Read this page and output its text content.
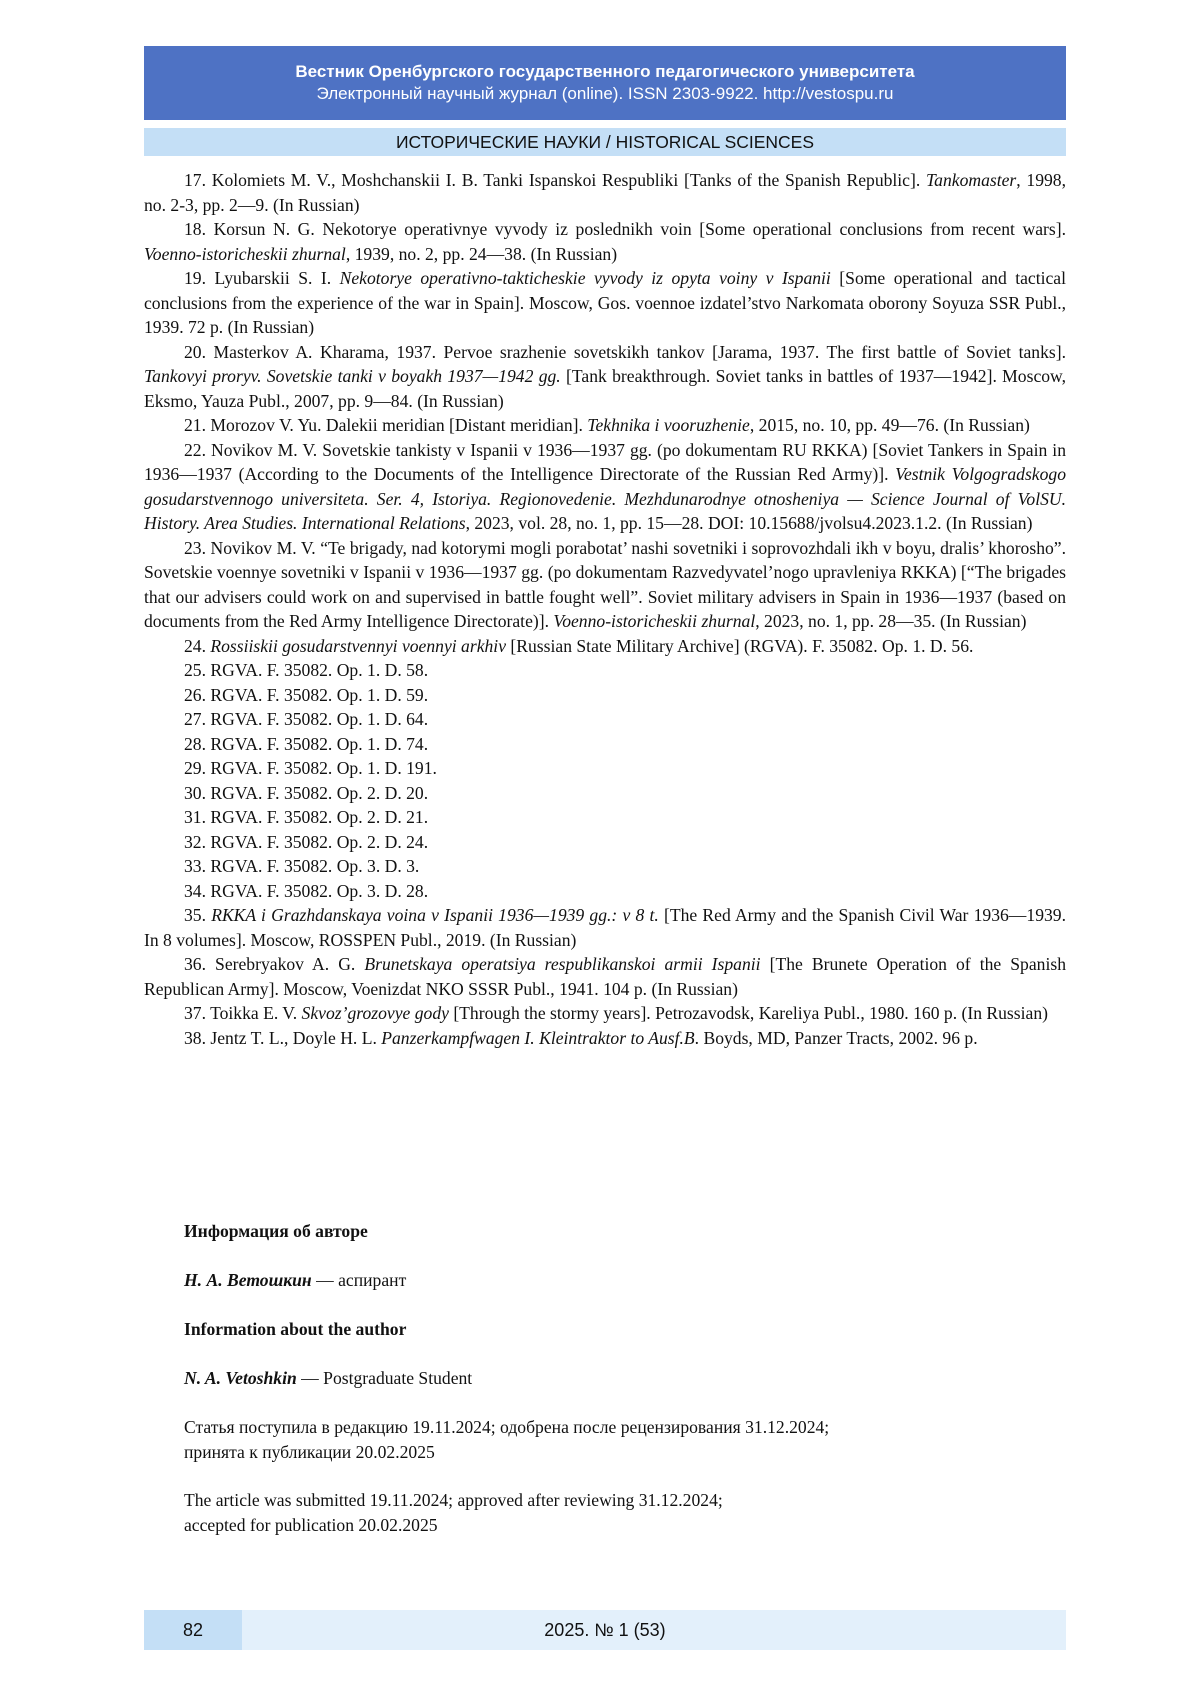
Вестник Оренбургского государственного педагогического университета
Электронный научный журнал (online). ISSN 2303-9922. http://vestospu.ru
ИСТОРИЧЕСКИЕ НАУКИ / HISTORICAL SCIENCES

17. Kolomiets M. V., Moshchanskii I. B. Tanki Ispanskoi Respubliki [Tanks of the Spanish Republic]. Tankomaster, 1998, no. 2-3, pp. 2—9. (In Russian)

18. Korsun N. G. Nekotorye operativnye vyvody iz poslednikh voin [Some operational conclusions from recent wars]. Voenno-istoricheskii zhurnal, 1939, no. 2, pp. 24—38. (In Russian)

19. Lyubarskii S. I. Nekotorye operativno-takticheskie vyvody iz opyta voiny v Ispanii [Some operational and tactical conclusions from the experience of the war in Spain]. Moscow, Gos. voennoe izdatel’stvo Narkomata oborony Soyuza SSR Publ., 1939. 72 p. (In Russian)

20. Masterkov A. Kharama, 1937. Pervoe srazhenie sovetskikh tankov [Jarama, 1937. The first battle of Soviet tanks]. Tankovyi proryv. Sovetskie tanki v boyakh 1937—1942 gg. [Tank breakthrough. Soviet tanks in battles of 1937—1942]. Moscow, Eksmo, Yauza Publ., 2007, pp. 9—84. (In Russian)

21. Morozov V. Yu. Dalekii meridian [Distant meridian]. Tekhnika i vooruzhenie, 2015, no. 10, pp. 49—76. (In Russian)

22. Novikov M. V. Sovetskie tankisty v Ispanii v 1936—1937 gg. (po dokumentam RU RKKA) [Soviet Tankers in Spain in 1936—1937 (According to the Documents of the Intelligence Directorate of the Russian Red Army)]. Vestnik Volgogradskogo gosudarstvennogo universiteta. Ser. 4, Istoriya. Regionovedenie. Mezhdunarodnye otnosheniya — Science Journal of VolSU. History. Area Studies. International Relations, 2023, vol. 28, no. 1, pp. 15—28. DOI: 10.15688/jvolsu4.2023.1.2. (In Russian)

23. Novikov M. V. “Te brigady, nad kotorymi mogli porabotat’ nashi sovetniki i soprovozhdali ikh v boyu, dralis’ khorosho”. Sovetskie voennye sovetniki v Ispanii v 1936—1937 gg. (po dokumentam Razvedyvatel’nogo upravleniya RKKA) [“The brigades that our advisers could work on and supervised in battle fought well”. Soviet military advisers in Spain in 1936—1937 (based on documents from the Red Army Intelligence Directorate)]. Voenno-istoricheskii zhurnal, 2023, no. 1, pp. 28—35. (In Russian)

24. Rossiiskii gosudarstvennyi voennyi arkhiv [Russian State Military Archive] (RGVA). F. 35082. Op. 1. D. 56.

25. RGVA. F. 35082. Op. 1. D. 58.

26. RGVA. F. 35082. Op. 1. D. 59.

27. RGVA. F. 35082. Op. 1. D. 64.

28. RGVA. F. 35082. Op. 1. D. 74.

29. RGVA. F. 35082. Op. 1. D. 191.

30. RGVA. F. 35082. Op. 2. D. 20.

31. RGVA. F. 35082. Op. 2. D. 21.

32. RGVA. F. 35082. Op. 2. D. 24.

33. RGVA. F. 35082. Op. 3. D. 3.

34. RGVA. F. 35082. Op. 3. D. 28.

35. RKKA i Grazhdanskaya voina v Ispanii 1936—1939 gg.: v 8 t. [The Red Army and the Spanish Civil War 1936—1939. In 8 volumes]. Moscow, ROSSPEN Publ., 2019. (In Russian)

36. Serebryakov A. G. Brunetskaya operatsiya respublikanskoi armii Ispanii [The Brunete Operation of the Spanish Republican Army]. Moscow, Voenizdat NKO SSSR Publ., 1941. 104 p. (In Russian)

37. Toikka E. V. Skvoz’grozovye gody [Through the stormy years]. Petrozavodsk, Kareliya Publ., 1980. 160 p. (In Russian)

38. Jentz T. L., Doyle H. L. Panzerkampfwagen I. Kleintraktor to Ausf.B. Boyds, MD, Panzer Tracts, 2002. 96 p.

Информация об авторе
Н. А. Ветошкин — аспирант
Information about the author
N. A. Vetoshkin — Postgraduate Student
Статья поступила в редакцию 19.11.2024; одобрена после рецензирования 31.12.2024;
принята к публикации 20.02.2025
The article was submitted 19.11.2024; approved after reviewing 31.12.2024;
accepted for publication 20.02.2025
82	2025. № 1 (53)
